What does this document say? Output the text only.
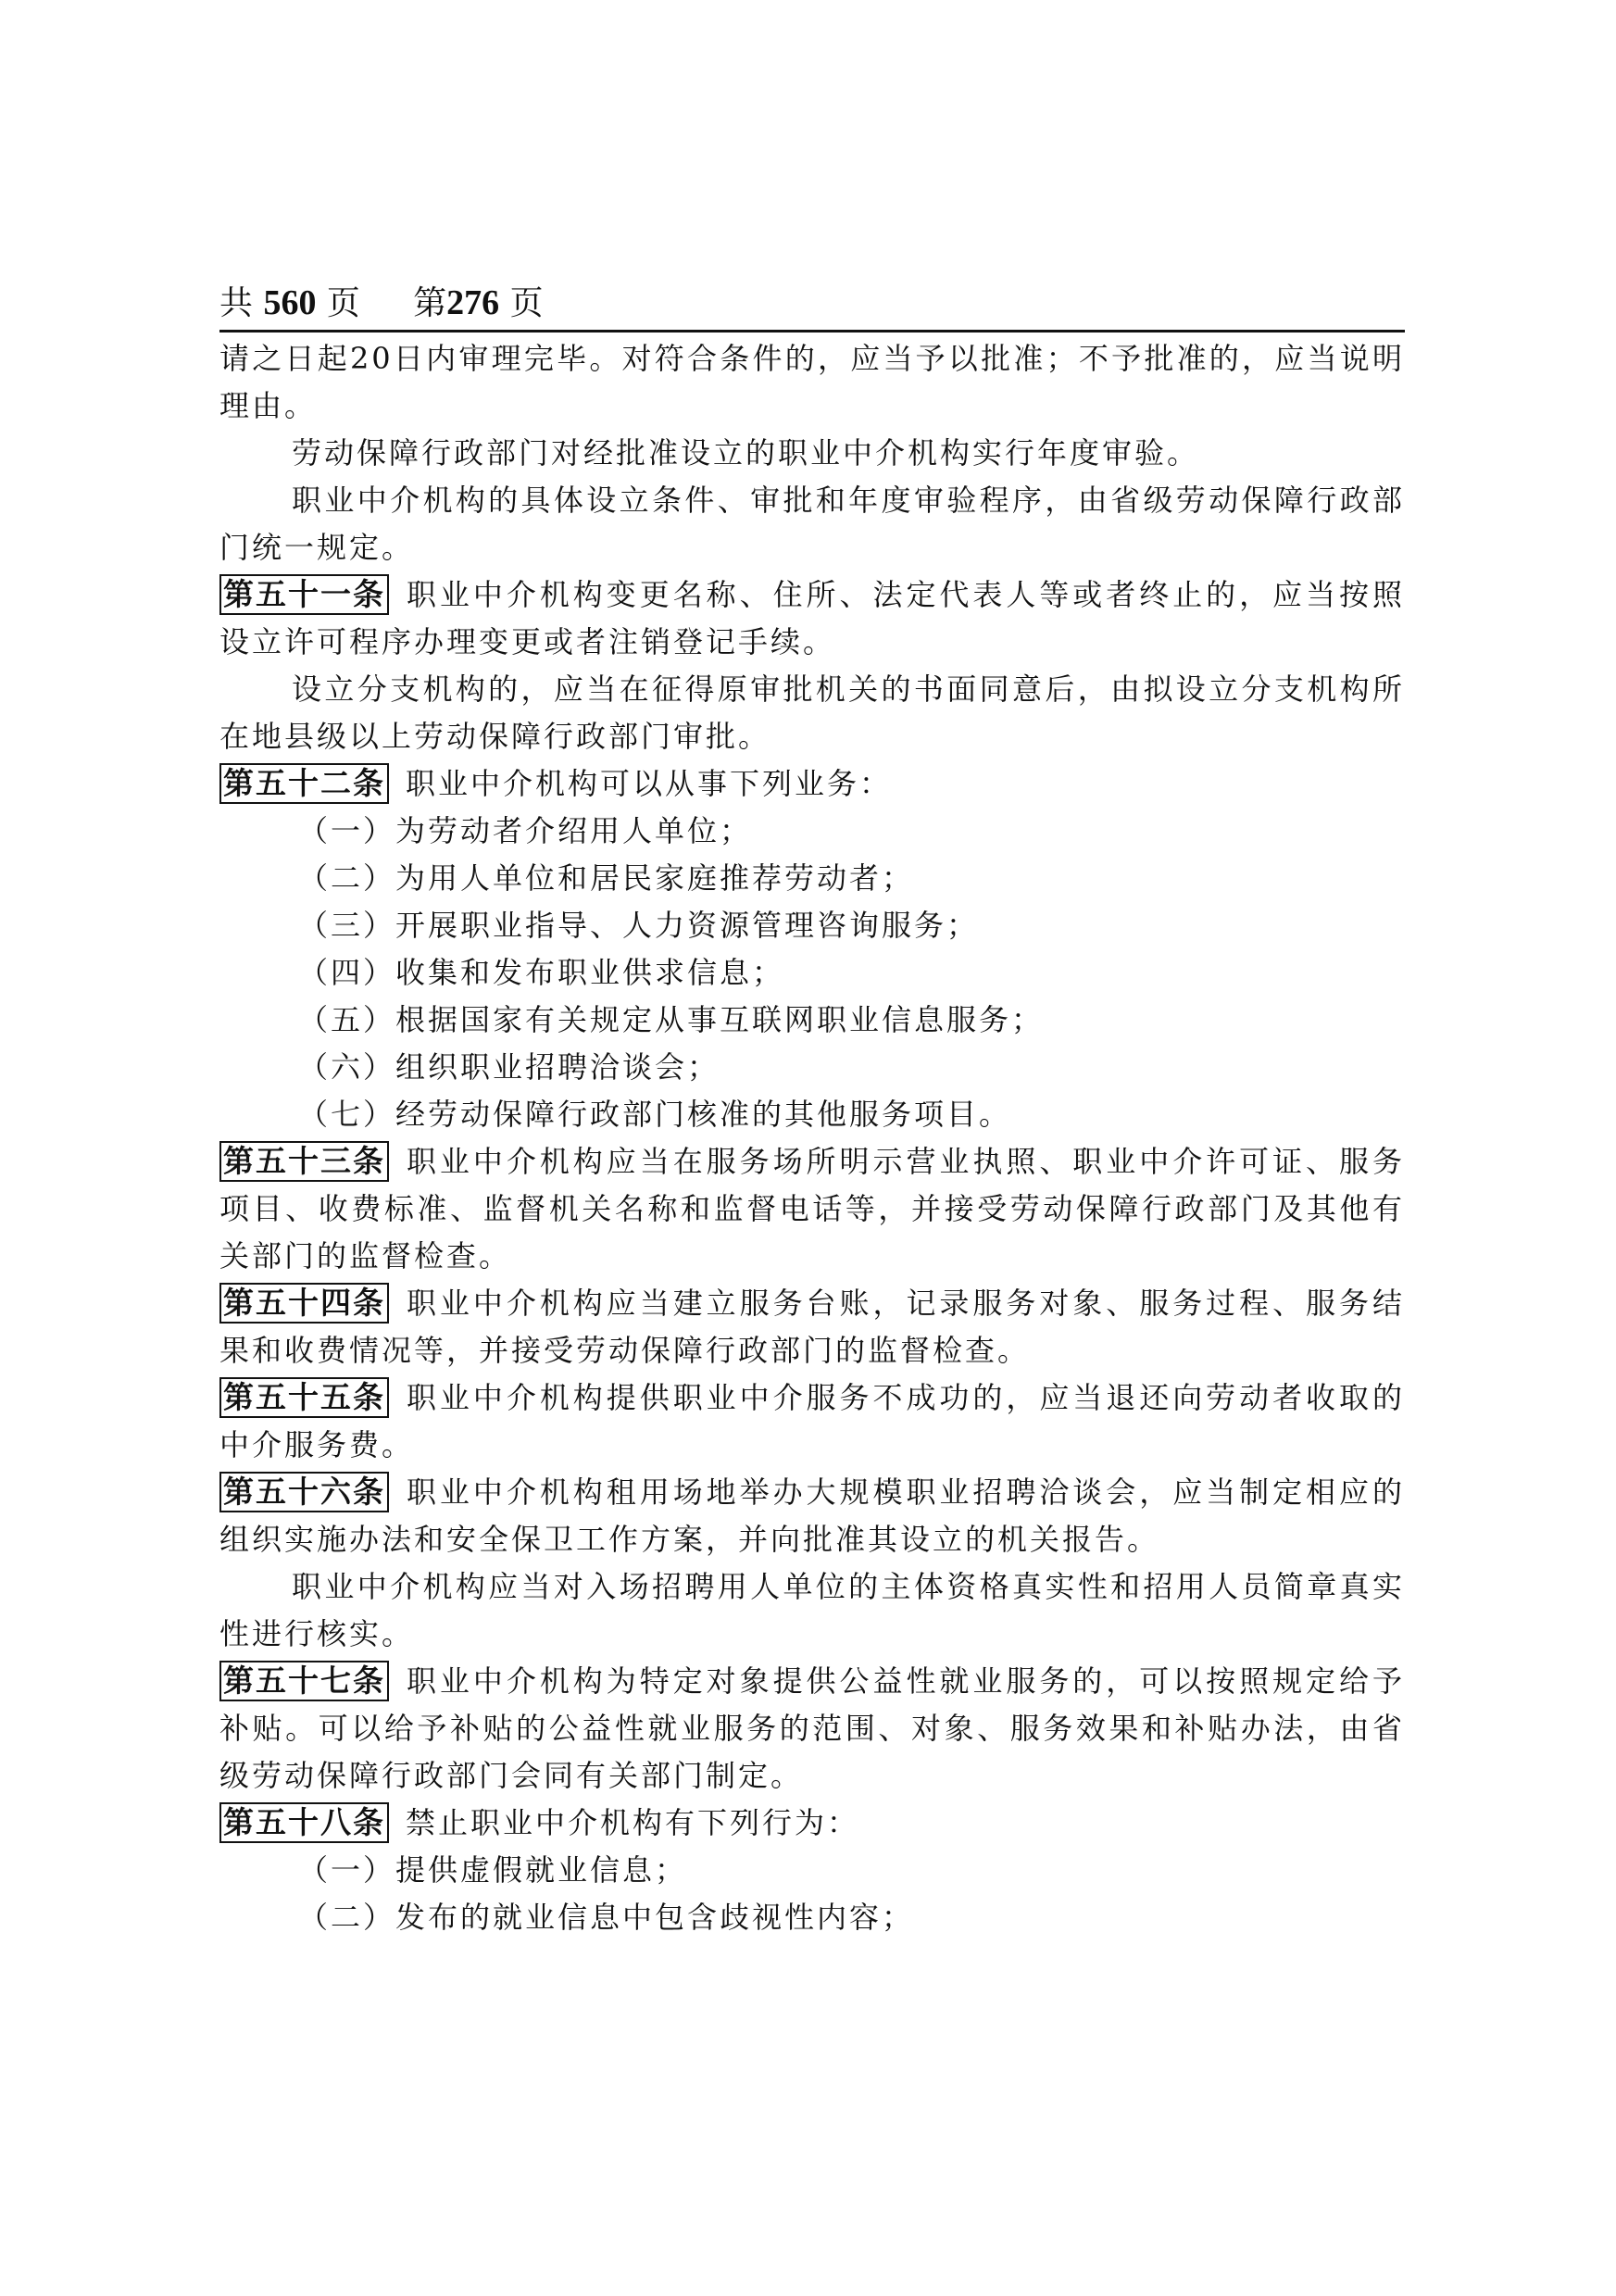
共 560 页 第276 页

请之日起20日内审理完毕。对符合条件的，应当予以批准；不予批准的，应当说明理由。

劳动保障行政部门对经批准设立的职业中介机构实行年度审验。

职业中介机构的具体设立条件、审批和年度审验程序，由省级劳动保障行政部门统一规定。

第五十一条 职业中介机构变更名称、住所、法定代表人等或者终止的，应当按照设立许可程序办理变更或者注销登记手续。

设立分支机构的，应当在征得原审批机关的书面同意后，由拟设立分支机构所在地县级以上劳动保障行政部门审批。

第五十二条 职业中介机构可以从事下列业务：

（一）为劳动者介绍用人单位；

（二）为用人单位和居民家庭推荐劳动者；

（三）开展职业指导、人力资源管理咨询服务；

（四）收集和发布职业供求信息；

（五）根据国家有关规定从事互联网职业信息服务；

（六）组织职业招聘洽谈会；

（七）经劳动保障行政部门核准的其他服务项目。

第五十三条 职业中介机构应当在服务场所明示营业执照、职业中介许可证、服务项目、收费标准、监督机关名称和监督电话等，并接受劳动保障行政部门及其他有关部门的监督检查。

第五十四条 职业中介机构应当建立服务台账，记录服务对象、服务过程、服务结果和收费情况等，并接受劳动保障行政部门的监督检查。

第五十五条 职业中介机构提供职业中介服务不成功的，应当退还向劳动者收取的中介服务费。

第五十六条 职业中介机构租用场地举办大规模职业招聘洽谈会，应当制定相应的组织实施办法和安全保卫工作方案，并向批准其设立的机关报告。

职业中介机构应当对入场招聘用人单位的主体资格真实性和招用人员简章真实性进行核实。

第五十七条 职业中介机构为特定对象提供公益性就业服务的，可以按照规定给予补贴。可以给予补贴的公益性就业服务的范围、对象、服务效果和补贴办法，由省级劳动保障行政部门会同有关部门制定。

第五十八条 禁止职业中介机构有下列行为：

（一）提供虚假就业信息；

（二）发布的就业信息中包含歧视性内容；
